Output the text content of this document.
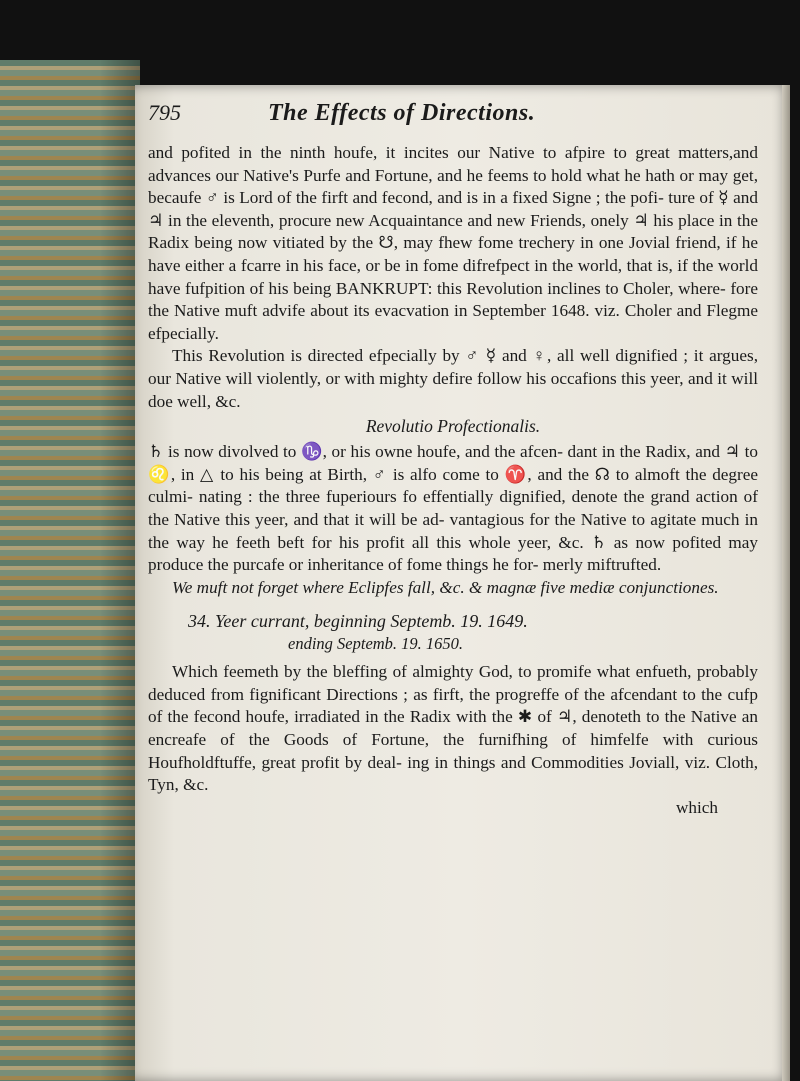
795	The Effects of Directions.

and pofited in the ninth houfe, it incites our Native to afpire to great matters,and advances our Native's Purfe and Fortune, and he feems to hold what he hath or may get, becaufe ♂ is Lord of the firft and fecond, and is in a fixed Signe ; the pofi- ture of ☿ and ♃ in the eleventh, procure new Acquaintance and new Friends, onely ♃ his place in the Radix being now vitiated by the ☋, may fhew fome trechery in one Jovial friend, if he have either a fcarre in his face, or be in fome difrefpect in the world, that is, if the world have fufpition of his being BANKRUPT: this Revolution inclines to Choler, where- fore the Native muft advife about its evacvation in September 1648. viz. Choler and Flegme efpecially.

This Revolution is directed efpecially by ♂ ☿ and ♀, all well dignified ; it argues, our Native will violently, or with mighty defire follow his occafions this yeer, and it will doe well, &c.

Revolutio Profectionalis.

♄ is now divolved to ♑, or his owne houfe, and the afcen- dant in the Radix, and ♃ to ♌, in △ to his being at Birth, ♂ is alfo come to ♈, and the ☊ to almoft the degree culmi- nating : the three fuperiours fo effentially dignified, denote the grand action of the Native this yeer, and that it will be ad- vantagious for the Native to agitate much in the way he feeth beft for his profit all this whole yeer, &c. ♄ as now pofited may produce the purcafe or inheritance of fome things he for- merly miftrufted.

We muft not forget where Eclipfes fall, &c. & magnæ five mediæ conjunctiones.

34. Yeer currant, beginning Septemb. 19. 1649.
ending Septemb. 19. 1650.

Which feemeth by the bleffing of almighty God, to promife what enfueth, probably deduced from fignificant Directions ; as firft, the progreffe of the afcendant to the cufp of the fecond houfe, irradiated in the Radix with the ✱ of ♃, denoteth to the Native an encreafe of the Goods of Fortune, the furnifhing of himfelfe with curious Houfholdftuffe, great profit by deal- ing in things and Commodities Joviall, viz. Cloth, Tyn, &c.

which
